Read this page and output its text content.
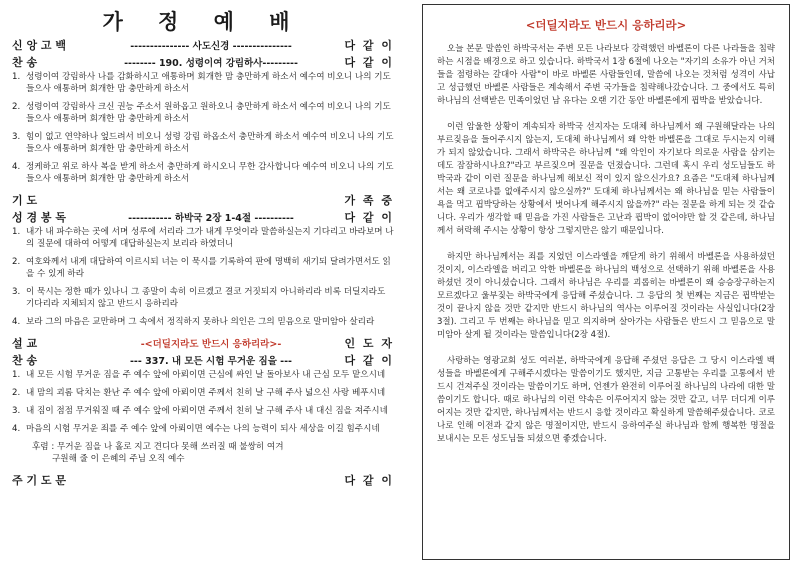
가 정 예 배
신 앙 고 백	--------------- 사도신경 ---------------	다 같 이
찬 송	-------- 190. 성령이여 강림하사---------	다 같 이
1. 성령이여 강림하사 나를 감화하시고 애통하며 회개한 맘 충만하게 하소서 예수여 비오니 나의 기도 들으사 애통하며 회개한 맘 충만하게 하소서
2. 성령이여 강림하사 크신 권능 주소서 원하옵고 원하오니 충만하게 하소서 예수여 비오니 나의 기도 들으사 애통하며 회개한 맘 충만하게 하소서
3. 힘이 없고 연약하나 엎드려서 비오니 성령 강림 하옵소서 충만하게 하소서 예수여 비오니 나의 기도 들으사 애통하며 회개한 맘 충만하게 하소서
4. 정케하고 위로 하사 복을 받게 하소서 충만하게 하시오니 무한 감사합니다 예수여 비오니 나의 기도 들으사 애통하며 회개한 맘 충만하게 하소서
기 도	가 족 중
성 경 봉 독	----------- 하박국 2장 1-4절 ----------	다 같 이
1. 내가 내 파수하는 곳에 서며 성루에 서리라 그가 내게 무엇이라 말씀하실는지 기다리고 바라보며 나의 질문에 대하여 어떻게 대답하실는지 보리라 하였더니
2. 여호와께서 내게 대답하여 이르시되 너는 이 묵시를 기록하여 판에 명백히 새기되 달려가면서도 읽을 수 있게 하라
3. 이 묵시는 정한 때가 있나니 그 종말이 속히 이르겠고 결코 거짓되지 아니하리라 비록 더딜지라도 기다리라 지체되지 않고 반드시 응하리라
4. 보라 그의 마음은 교만하며 그 속에서 정직하지 못하나 의인은 그의 믿음으로 말미암아 살리라
설 교	-<더딜지라도 반드시 응하리라>-	인 도 자
찬 송	--- 337. 내 모든 시험 무거운 짐을 ---	다 같 이
1. 내 모든 시험 무거운 짐을 주 예수 앞에 아뢰이면 근심에 싸인 날 돌아보사 내 근심 모두 맡으시네
2. 내 맘의 괴롬 닥치는 환난 주 예수 앞에 아뢰이면 주께서 친히 날 구해 주사 넓으신 사랑 베푸시네
3. 내 짐이 점점 무거워질 때 주 예수 앞에 아뢰이면 주께서 친히 날 구해 주사 내 대신 짐을 져주시네
4. 마음의 시험 무거운 죄를 주 예수 앞에 아뢰이면 예수는 나의 능력이 되사 세상을 이길 힘주시네
후렴 : 무거운 짐을 나 홀로 지고 견디다 못해 쓰러질 때 불쌍히 여겨
구원해 줄 이 은혜의 주님 오직 예수
주 기 도 문	다 같 이
<더딜지라도 반드시 응하리라>

오늘 본문 말씀인 하박국서는 주변 모든 나라보다 강력했던 바벨론이 다른 나라들을 침략하는 시점을 배경으로 하고 있습니다. 하박국서 1장 6절에 나오는 "자기의 소유가 아닌 거처들을 점령하는 갈대아 사람"이 바로 바벨론 사람들인데, 말씀에 나오는 것처럼 성격이 사납고 성급했던 바벨론 사람들은 계속해서 주변 국가들을 침략해나갔습니다. 그 중에서도 특히 하나님의 선택받은 민족이었던 남 유다는 오랜 기간 동안 바벨론에게 핍박을 받았습니다.

이런 암울한 상황이 계속되자 하박국 선지자는 도대체 하나님께서 왜 구원해달라는 나의 부르짖음을 들어주시지 않는지, 도대체 하나님께서 왜 악한 바벨론을 그대로 두시는지 이해가 되지 않았습니다. 그래서 하박국은 하나님께 "왜 악인이 자기보다 의로운 사람을 삼키는데도 잠잠하시나요?"라고 부르짖으며 질문을 던졌습니다. 그런데 혹시 우리 성도님들도 하박국과 같이 이런 질문을 하나님께 해보신 적이 있지 않으신가요? 요즘은 "도대체 하나님께서는 왜 코로나를 없애주시지 않으실까?" 도대체 하나님께서는 왜 하나님을 믿는 사람들이 욕을 먹고 핍박당하는 상황에서 벗어나게 해주시지 않을까?" 라는 질문을 하게 되는 것 같습니다. 우리가 생각할 때 믿음을 가진 사람들은 고난과 핍박이 없어야만 할 것 같은데, 하나님께서 허락해 주시는 상황이 항상 그렇지만은 않기 때문입니다.

하지만 하나님께서는 죄를 지었던 이스라엘을 깨닫게 하기 위해서 바벨론을 사용하셨던 것이지, 이스라엘을 버리고 악한 바벨론을 하나님의 백성으로 선택하기 위해 바벨론을 사용하셨던 것이 아니셨습니다. 그래서 하나님은 우리를 괴롭히는 바벨론이 왜 승승장구하는지 모르겠다고 울부짖는 하박국에게 응답해 주셨습니다. 그 응답의 첫 번째는 지금은 핍박받는 것이 끝나지 않을 것만 같지만 반드시 하나님의 역사는 이루어질 것이라는 사실입니다(2장 3절). 그리고 두 번째는 하나님을 믿고 의지하며 살아가는 사람들은 반드시 그 믿음으로 말미암아 살게 될 것이라는 말씀입니다(2장 4절).

사랑하는 영광교회 성도 여러분, 하박국에게 응답해 주셨던 응답은 그 당시 이스라엘 백성들을 바벨론에게 구해주시겠다는 말씀이기도 했지만, 지금 고통받는 우리를 고통에서 반드시 건져주실 것이라는 말씀이기도 하며, 언젠가 완전히 이루어질 하나님의 나라에 대한 말씀이기도 합니다. 때로 하나님의 이런 약속은 이루어지지 않는 것만 같고, 너무 더디게 이루어지는 것만 같지만, 하나님께서는 반드시 응할 것이라고 확실하게 말씀해주셨습니다. 코로나로 인해 이전과 같지 않은 명절이지만, 반드시 응하여주실 하나님과 함께 행복한 명절을 보내시는 모든 성도님들 되셨으면 좋겠습니다.
